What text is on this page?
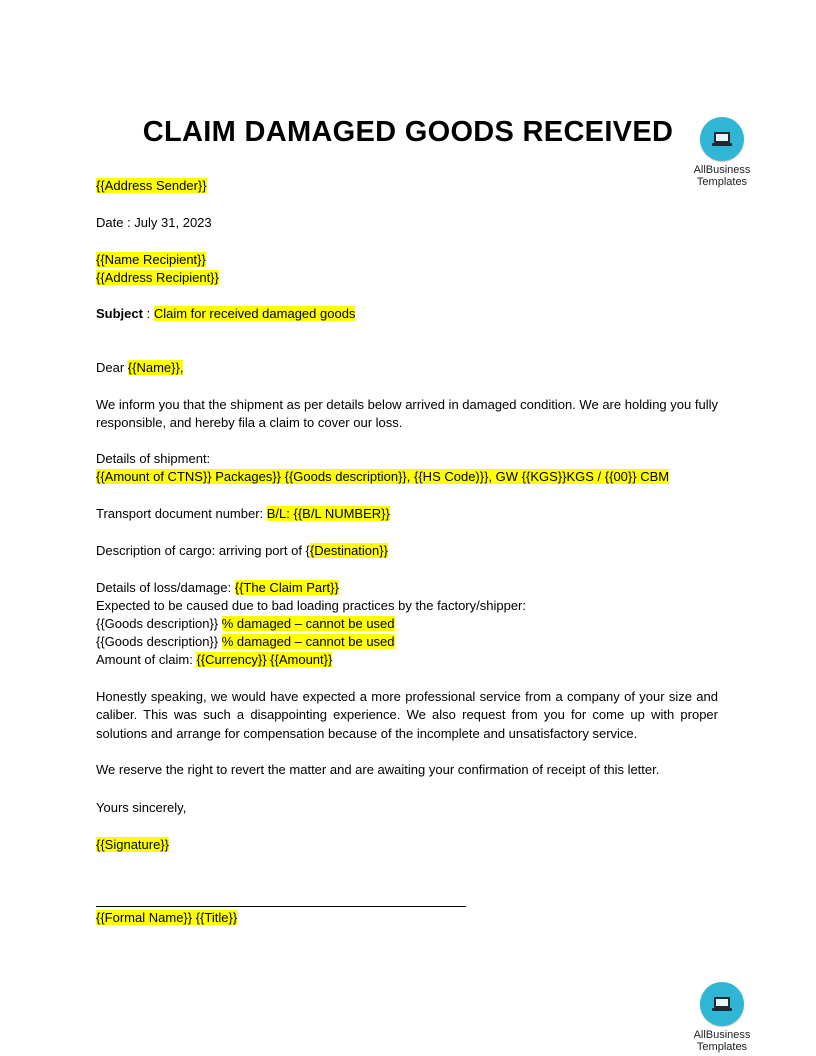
CLAIM DAMAGED GOODS RECEIVED
AllBusiness
Templates
{{Address Sender}}
Date : July 31, 2023
{{Name Recipient}}
{{Address Recipient}}
Subject : Claim for received damaged goods
Dear {{Name}},
We inform you that the shipment as per details below arrived in damaged condition. We are holding you fully responsible, and hereby fila a claim to cover our loss.
Details of shipment:
{{Amount of CTNS}} Packages}} {{Goods description}}, {{HS Code)}}, GW {{KGS}}KGS / {{00}} CBM
Transport document number: B/L: {{B/L NUMBER}}
Description of cargo: arriving port of {{Destination}}
Details of loss/damage: {{The Claim Part}}
Expected to be caused due to bad loading practices by the factory/shipper:
{{Goods description}} % damaged – cannot be used
{{Goods description}} % damaged – cannot be used
Amount of claim: {{Currency}} {{Amount}}
Honestly speaking, we would have expected a more professional service from a company of your size and caliber. This was such a disappointing experience. We also request from you for come up with proper solutions and arrange for compensation because of the incomplete and unsatisfactory service.
We reserve the right to revert the matter and are awaiting your confirmation of receipt of this letter.
Yours sincerely,
{{Signature}}
{{Formal Name}} {{Title}}
AllBusiness
Templates
